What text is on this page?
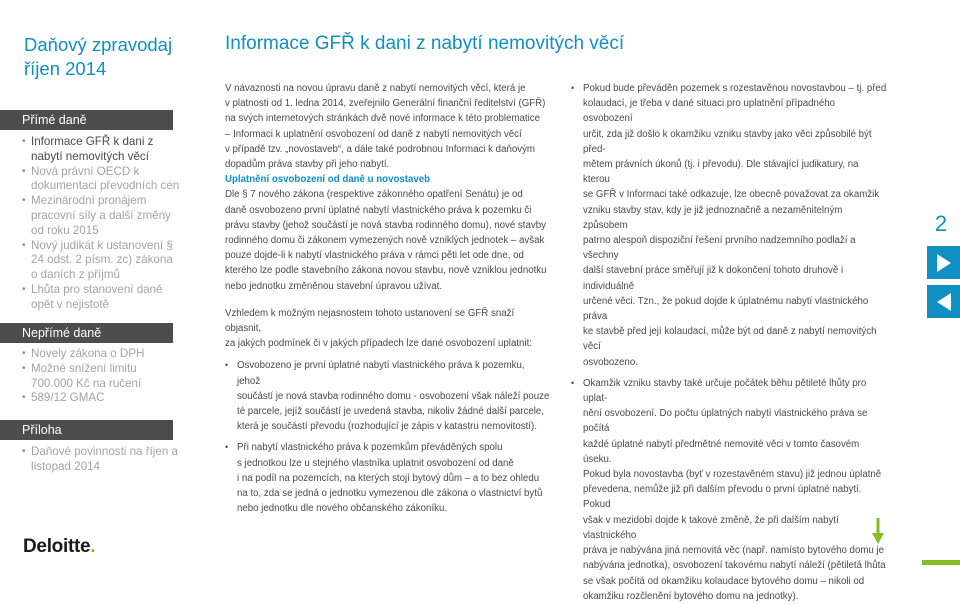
Daňový zpravodaj
říjen 2014
Přímé daně
• Informace GFŘ k dani z nabytí nemovitých věcí
• Nová právní OECD k dokumentaci převodních cen
• Mezinárodní pronájem pracovní síly a další změny od roku 2015
• Nový judikát k ustanovení § 24 odst. 2 písm. zc) zákona o daních z příjmů
• Lhůta pro stanovení daně opět v nejistotě
Nepřímé daně
• Novely zákona o DPH
• Možné snížení limitu 700.000 Kč na ručení
• 589/12 GMAC
Příloha
• Daňové povinnosti na říjen a listopad 2014
Deloitte.
Informace GFŘ k dani z nabytí nemovitých věcí

V návaznosti na novou úpravu daně z nabytí nemovitých věcí, která je
v platnosti od 1. ledna 2014, zveřejnilo Generální finanční ředitelství (GFŘ)
na svých internetových stránkách dvě nové informace k této problematice
– Informaci k uplatnění osvobození od daně z nabytí nemovitých věcí
v případě tzv. „novostaveb“, a dále také podrobnou Informaci k daňovým
dopadům práva stavby při jeho nabytí.

Uplatnění osvobození od daně u novostaveb

Dle § 7 nového zákona (respektive zákonného opatření Senátu) je od
daně osvobozeno první úplatné nabytí vlastnického práva k pozemku či
právu stavby (jehož součástí je nová stavba rodinného domu), nové stavby
rodinného domu či zákonem vymezených nově vzniklých jednotek – avšak
pouze dojde-li k nabytí vlastnického práva v rámci pěti let ode dne, od
kterého lze podle stavebního zákona novou stavbu, nově vzniklou jednotku
nebo jednotku změněnou stavební úpravou užívat.

Vzhledem k možným nejasnostem tohoto ustanovení se GFŘ snaží objasnit,
za jakých podmínek či v jakých případech lze dané osvobození uplatnit:

• Osvobozeno je první úplatné nabytí vlastnického práva k pozemku, jehož
součástí je nová stavba rodinného domu - osvobození však náleží pouze
té parcele, jejíž součástí je uvedená stavba, nikoliv žádné další parcele,
která je součástí převodu (rozhodující je zápis v katastru nemovitostí).
• Při nabytí vlastnického práva k pozemkům převáděných spolu
s jednotkou lze u stejného vlastníka uplatnit osvobození od daně
i na podíl na pozemcích, na kterých stojí bytový dům – a to bez ohledu
na to, zda se jedná o jednotku vymezenou dle zákona o vlastnictví bytů
nebo jednotku dle nového občanského zákoníku.
• Pokud bude převáděn pozemek s rozestavěnou novostavbou – tj. před
kolaudací, je třeba v dané situaci pro uplatnění případného osvobození
určit, zda již došlo k okamžiku vzniku stavby jako věci způsobilé být před-
mětem právních úkonů (tj. i převodu). Dle stávající judikatury, na kterou
se GFŘ v Informaci také odkazuje, lze obecně považovat za okamžik
vzniku stavby stav, kdy je již jednoznačně a nezaměnitelným způsobem
patrno alespoň dispoziční řešení prvního nadzemního podlaží a všechny
další stavební práce směřují již k dokončení tohoto druhově i individuálně
určené věci. Tzn., že pokud dojde k úplatnému nabytí vlastnického práva
ke stavbě před její kolaudací, může být od daně z nabytí nemovitých věcí
osvobozeno.
• Okamžik vzniku stavby také určuje počátek běhu pětileté lhůty pro uplat-
nění osvobození. Do počtu úplatných nabytí vlastnického práva se počítá
každé úplatné nabytí předmětné nemovité věci v tomto časovém úseku.
Pokud byla novostavba (byť v rozestavěném stavu) již jednou úplatně
převedena, nemůže již při dalším převodu o první úplatné nabytí. Pokud
však v mezidobí dojde k takové změně, že při dalším nabytí vlastnického
práva je nabývána jiná nemovitá věc (např. namísto bytového domu je
nabývána jednotka), osvobození takovému nabytí náleží (pětiletá lhůta
se však počítá od okamžiku kolaudace bytového domu – nikoli od
okamžiku rozčlenění bytového domu na jednotky).
2
